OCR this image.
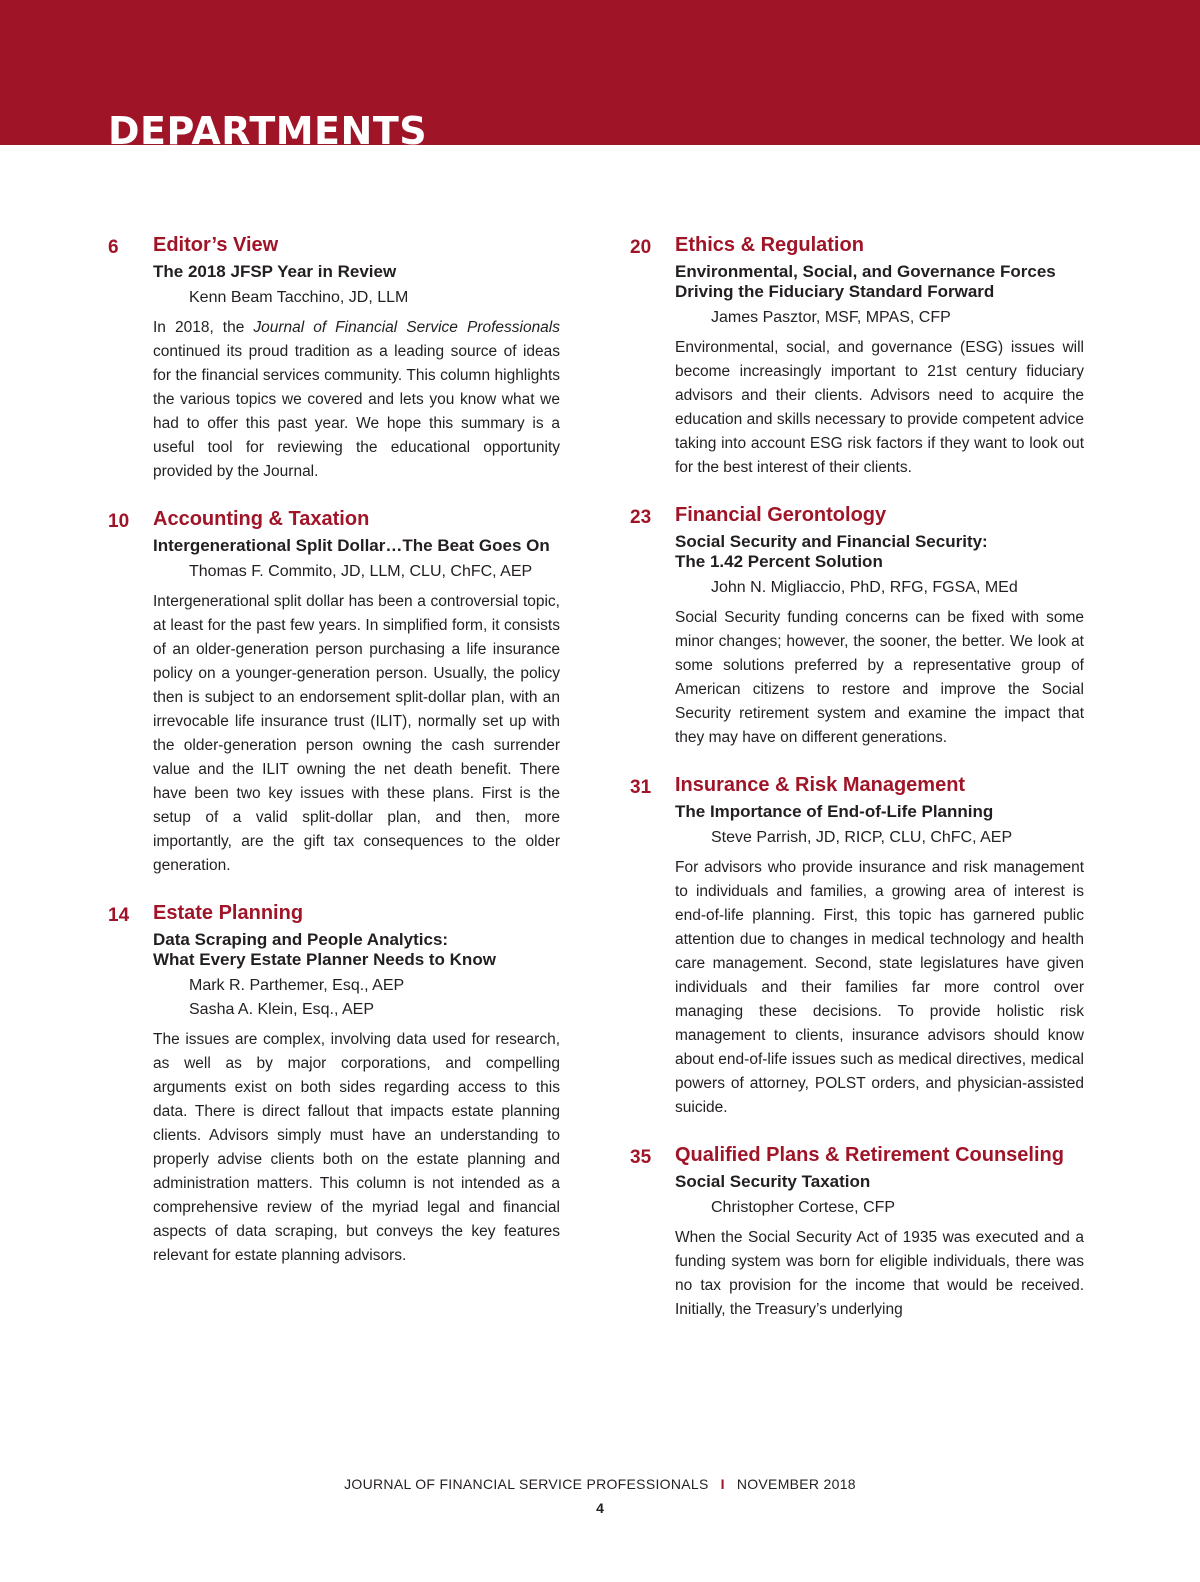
DEPARTMENTS
6 Editor’s View
The 2018 JFSP Year in Review

Kenn Beam Tacchino, JD, LLM

In 2018, the Journal of Financial Service Professionals continued its proud tradition as a leading source of ideas for the financial services community. This column highlights the various topics we covered and lets you know what we had to offer this past year. We hope this summary is a useful tool for reviewing the educational opportunity provided by the Journal.

10 Accounting & Taxation
Intergenerational Split Dollar…The Beat Goes On

Thomas F. Commito, JD, LLM, CLU, ChFC, AEP

Intergenerational split dollar has been a controversial topic, at least for the past few years. In simplified form, it consists of an older-generation person purchasing a life insurance policy on a younger-generation person. Usually, the policy then is subject to an endorsement split-dollar plan, with an irrevocable life insurance trust (ILIT), normally set up with the older-generation person owning the cash surrender value and the ILIT owning the net death benefit. There have been two key issues with these plans. First is the setup of a valid split-dollar plan, and then, more importantly, are the gift tax consequences to the older generation.

14 Estate Planning
Data Scraping and People Analytics:
What Every Estate Planner Needs to Know

Mark R. Parthemer, Esq., AEP

Sasha A. Klein, Esq., AEP

The issues are complex, involving data used for research, as well as by major corporations, and compelling arguments exist on both sides regarding access to this data. There is direct fallout that impacts estate planning clients. Advisors simply must have an understanding to properly advise clients both on the estate planning and administration matters. This column is not intended as a comprehensive review of the myriad legal and financial aspects of data scraping, but conveys the key features relevant for estate planning advisors.

20 Ethics & Regulation
Environmental, Social, and Governance Forces
Driving the Fiduciary Standard Forward

James Pasztor, MSF, MPAS, CFP

Environmental, social, and governance (ESG) issues will become increasingly important to 21st century fiduciary advisors and their clients. Advisors need to acquire the education and skills necessary to provide competent advice taking into account ESG risk factors if they want to look out for the best interest of their clients.

23 Financial Gerontology
Social Security and Financial Security:
The 1.42 Percent Solution

John N. Migliaccio, PhD, RFG, FGSA, MEd

Social Security funding concerns can be fixed with some minor changes; however, the sooner, the better. We look at some solutions preferred by a representative group of American citizens to restore and improve the Social Security retirement system and examine the impact that they may have on different generations.

31 Insurance & Risk Management
The Importance of End-of-Life Planning

Steve Parrish, JD, RICP, CLU, ChFC, AEP

For advisors who provide insurance and risk management to individuals and families, a growing area of interest is end-of-life planning. First, this topic has garnered public attention due to changes in medical technology and health care management. Second, state legislatures have given individuals and their families far more control over managing these decisions. To provide holistic risk management to clients, insurance advisors should know about end-of-life issues such as medical directives, medical powers of attorney, POLST orders, and physician-assisted suicide.

35 Qualified Plans & Retirement Counseling
Social Security Taxation

Christopher Cortese, CFP

When the Social Security Act of 1935 was executed and a funding system was born for eligible individuals, there was no tax provision for the income that would be received. Initially, the Treasury’s underlying

JOURNAL OF FINANCIAL SERVICE PROFESSIONALS I NOVEMBER 2018
4
